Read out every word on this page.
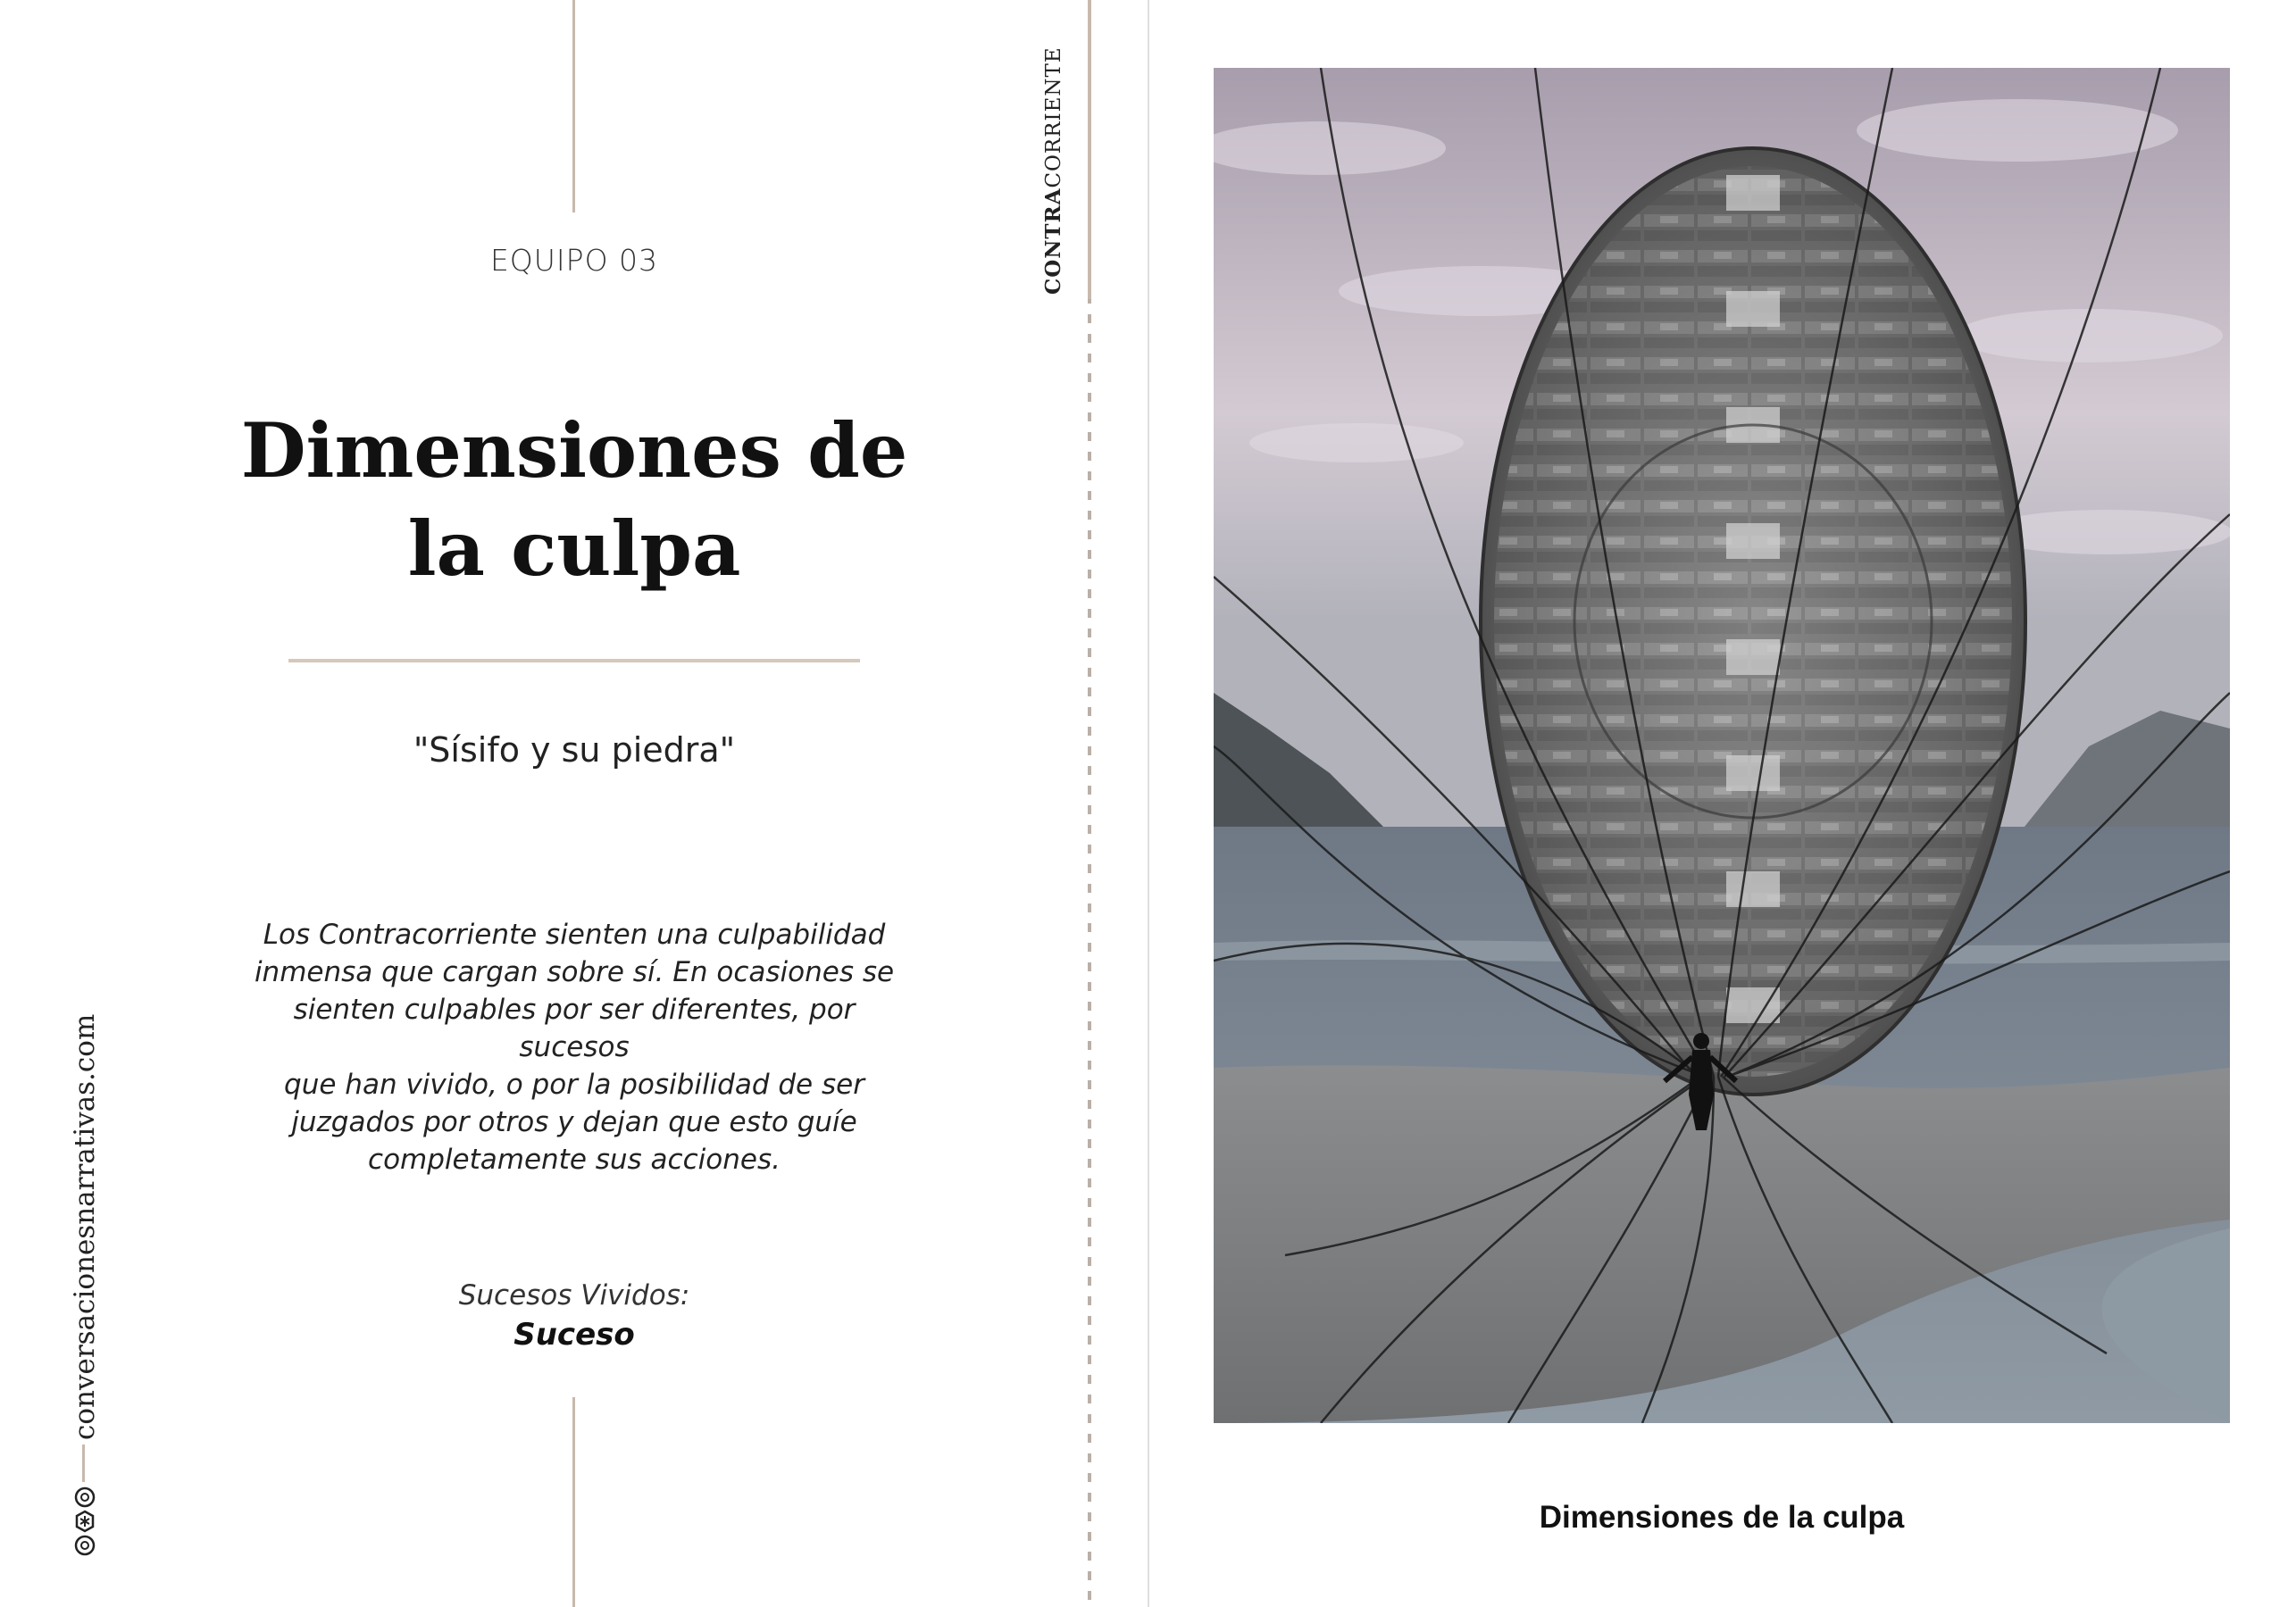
EQUIPO 03
Dimensiones de
la culpa
"Sísifo y su piedra"
Los Contracorriente sienten una culpabilidad
inmensa que cargan sobre sí. En ocasiones se
sienten culpables por ser diferentes, por sucesos
que han vivido, o por la posibilidad de ser
juzgados por otros y dejan que esto guíe
completamente sus acciones.
Sucesos Vividos:
Suceso
conversacionesnarrativas.com
CONTRACORRIENTE
Dimensiones de la culpa
